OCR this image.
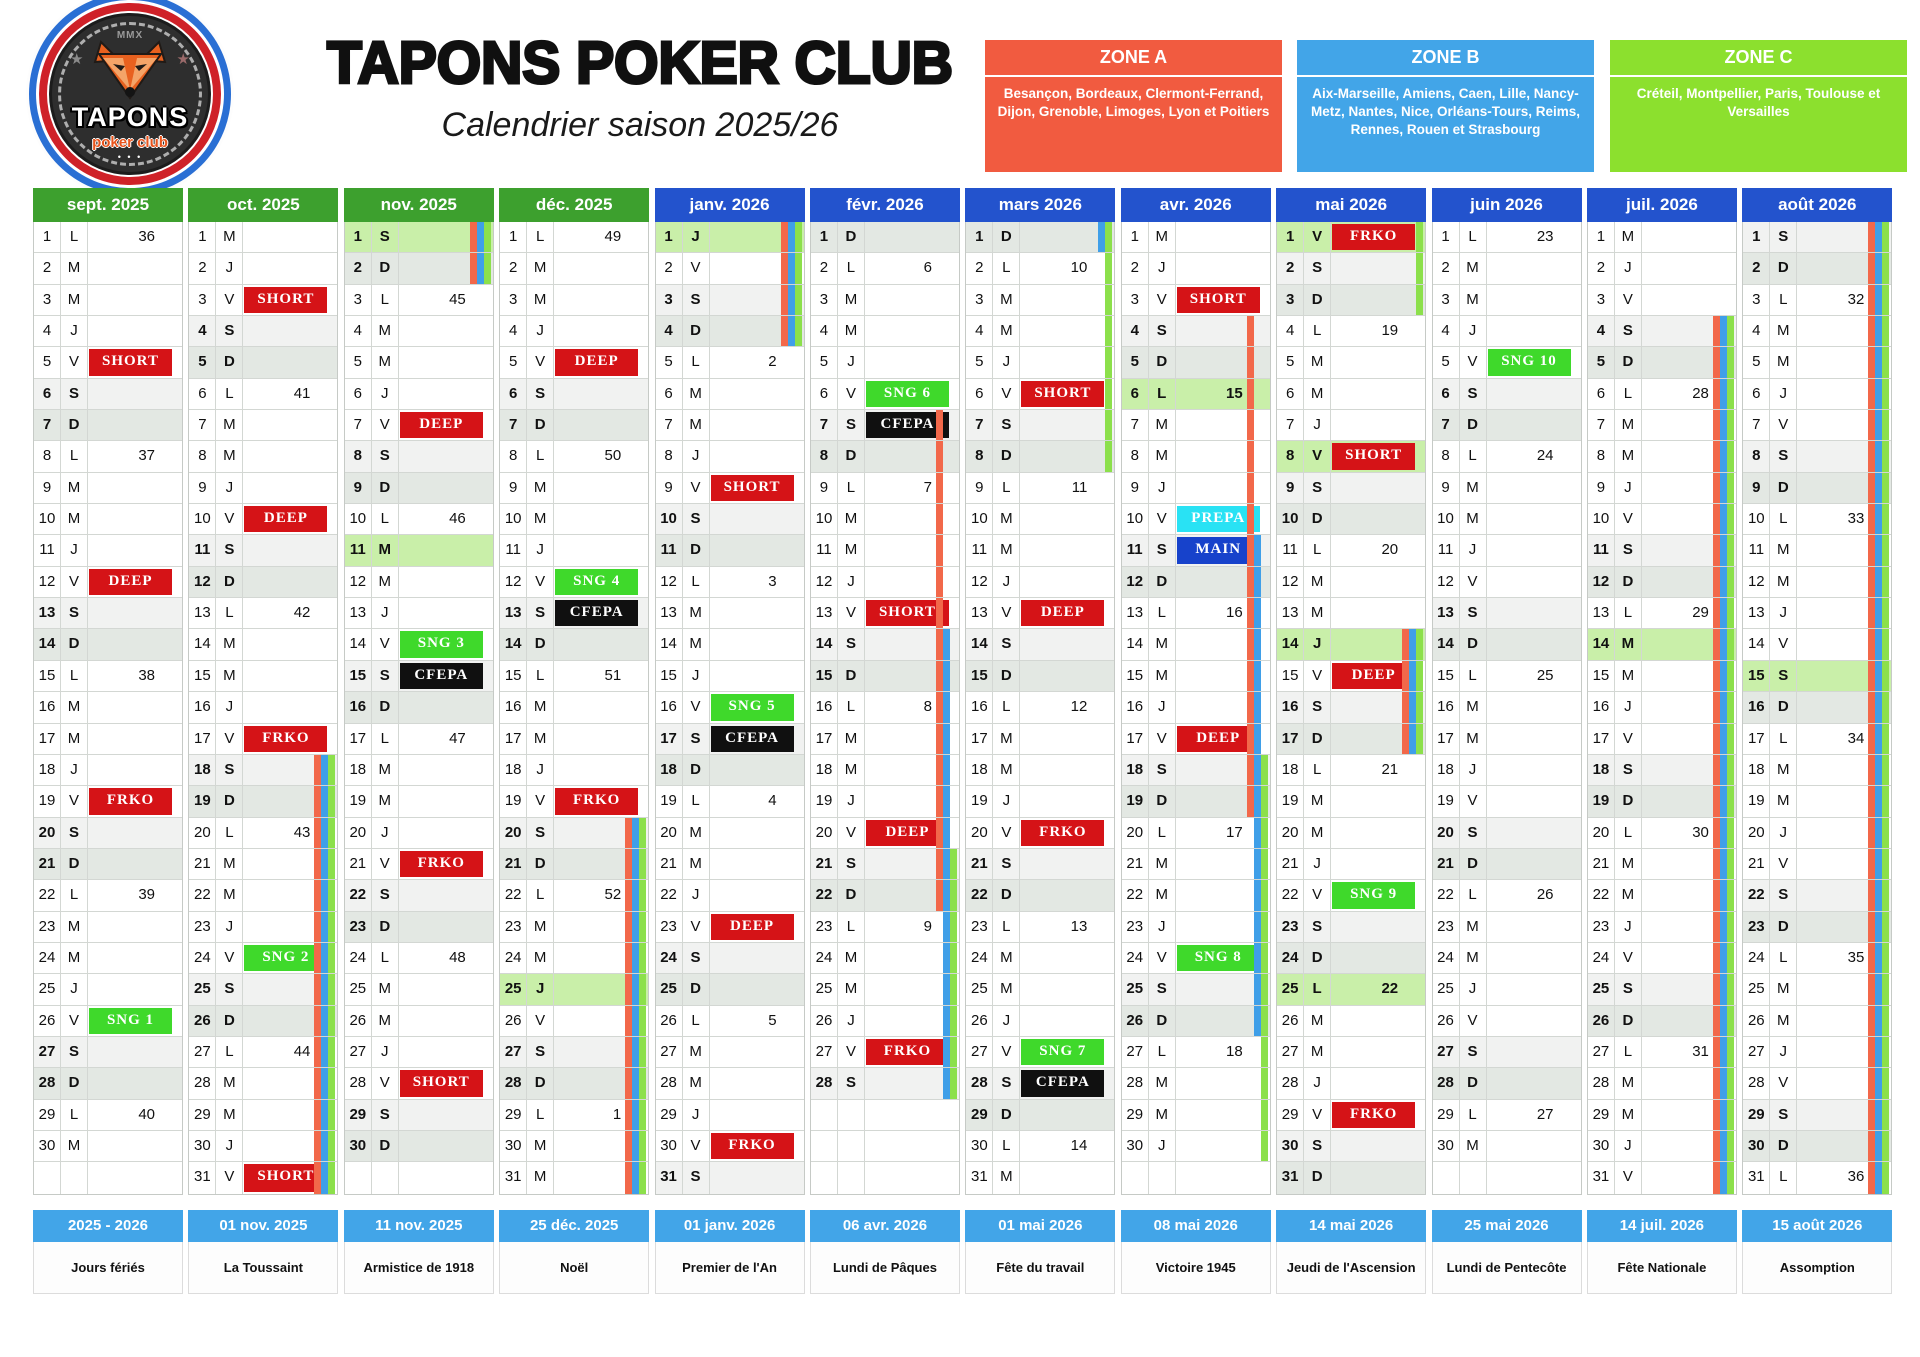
MMX
★	★
TAPONS
poker club
• • •
TAPONS POKER CLUB
Calendrier saison 2025/26
ZONE A
Besançon, Bordeaux, Clermont-Ferrand, Dijon, Grenoble, Limoges, Lyon et Poitiers
ZONE B
Aix-Marseille, Amiens, Caen, Lille, Nancy-Metz, Nantes, Nice, Orléans-Tours, Reims, Rennes, Rouen et Strasbourg
ZONE C
Créteil, Montpellier, Paris, Toulouse et Versailles
sept. 2025
1	L	36
2	M
3	M
4	J
5	V	SHORT
6	S
7	D
8	L	37
9	M
10 M
11	J
12 V	DEEP
13 S
14 D
15 L	38
16 M
17 M
18 J
19 V	FRKO
20 S
21 D
22 L	39
23 M
24 M
25 J
26 V	SNG 1
27 S
28 D
29 L	40
30 M
oct. 2025
1	M
2	J
3	V	SHORT
4	S
5	D
6	L	41
7	M
8	M
9	J
10 V	DEEP
11 S
12 D
13 L	42
14 M
15 M
16 J
17 V	FRKO
18 S
19 D
20 L	43
21 M
22 M
23 J
24 V	SNG 2
25 S
26 D
27 L	44
28 M
29 M
30 J
31 V	SHORT
nov. 2025
1	S
2	D
3	L	45
4	M
5	M
6	J
7	V	DEEP
8	S
9	D
10 L	46
11 M
12 M
13 J
14 V	SNG 3
15 S	CFEPA
16 D
17 L	47
18 M
19 M
20 J
21 V	FRKO
22 S
23 D
24 L	48
25 M
26 M
27 J
28 V	SHORT
29 S
30 D
déc. 2025
1	L	49
2	M
3	M
4	J
5	V	DEEP
6	S
7	D
8	L	50
9	M
10 M
11	J
12 V	SNG 4
13 S	CFEPA
14 D
15 L	51
16 M
17 M
18 J
19 V	FRKO
20 S
21 D
22 L	52
23 M
24 M
25 J
26 V
27 S
28 D
29 L	1
30 M
31 M
janv. 2026
1	J
2	V
3	S
4	D
5	L	2
6	M
7	M
8	J
9	V	SHORT
10 S
11 D
12 L	3
13 M
14 M
15 J
16 V	SNG 5
17 S	CFEPA
18 D
19 L	4
20 M
21 M
22 J
23 V	DEEP
24 S
25 D
26 L	5
27 M
28 M
29 J
30 V	FRKO
31 S
févr. 2026
1	D
2	L	6
3	M
4	M
5	J
6	V	SNG 6
7	S	CFEPA
8	D
9	L	7
10 M
11 M
12 J
13 V	SHORT
14 S
15 D
16 L	8
17 M
18 M
19 J
20 V	DEEP
21 S
22 D
23 L	9
24 M
25 M
26 J
27 V	FRKO
28 S
mars 2026
1	D
2	L	10
3	M
4	M
5	J
6	V	SHORT
7	S
8	D
9	L	11
10 M
11 M
12 J
13 V	DEEP
14 S
15 D
16 L	12
17 M
18 M
19 J
20 V	FRKO
21 S
22 D
23 L	13
24 M
25 M
26 J
27 V	SNG 7
28 S	CFEPA
29 D
30 L	14
31 M
avr. 2026
1	M
2	J
3	V	SHORT
4	S
5	D
6	L	15
7	M
8	M
9	J
10 V	PREPA
11 S	MAIN
12 D
13 L	16
14 M
15 M
16 J
17 V	DEEP
18 S
19 D
20 L	17
21 M
22 M
23 J
24 V	SNG 8
25 S
26 D
27 L	18
28 M
29 M
30 J
mai 2026
1	V	FRKO
2	S
3	D
4	L	19
5	M
6	M
7	J
8	V	SHORT
9	S
10 D
11	L	20
12 M
13 M
14 J
15 V	DEEP
16 S
17 D
18 L	21
19 M
20 M
21 J
22 V	SNG 9
23 S
24 D
25 L	22
26 M
27 M
28 J
29 V	FRKO
30 S
31 D
juin 2026
1	L	23
2	M
3	M
4	J
5	V	SNG 10
6	S
7	D
8	L	24
9	M
10 M
11	J
12 V
13 S
14 D
15 L	25
16 M
17 M
18 J
19 V
20 S
21 D
22 L	26
23 M
24 M
25 J
26 V
27 S
28 D
29 L	27
30 M
juil. 2026
1	M
2	J
3	V
4	S
5	D
6	L	28
7	M
8	M
9	J
10 V
11 S
12 D
13 L	29
14 M
15 M
16 J
17 V
18 S
19 D
20 L	30
21 M
22 M
23 J
24 V
25 S
26 D
27 L	31
28 M
29 M
30 J
31 V
août 2026
1	S
2	D
3	L	32
4	M
5	M
6	J
7	V
8	S
9	D
10 L	33
11 M
12 M
13 J
14 V
15 S
16 D
17 L	34
18 M
19 M
20 J
21 V
22 S
23 D
24 L	35
25 M
26 M
27 J
28 V
29 S
30 D
31 L	36
2025 - 2026
Jours fériés
01 nov. 2025
La Toussaint
11 nov. 2025
Armistice de 1918
25 déc. 2025
Noël
01 janv. 2026
Premier de l'An
06 avr. 2026
Lundi de Pâques
01 mai 2026
Fête du travail
08 mai 2026
Victoire 1945
14 mai 2026
Jeudi de l'Ascension
25 mai 2026
Lundi de Pentecôte
14 juil. 2026
Fête Nationale
15 août 2026
Assomption
